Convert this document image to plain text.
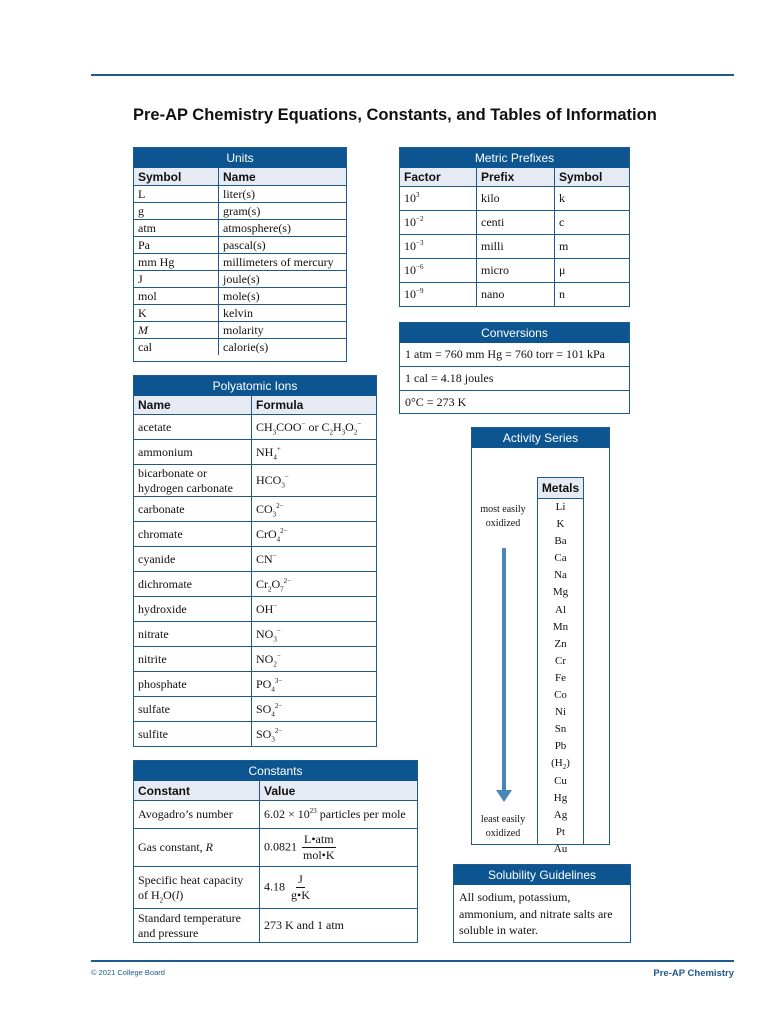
Pre-AP Chemistry Equations, Constants, and Tables of Information
Units
Symbol	Name
L	liter(s)
g	gram(s)
atm	atmosphere(s)
Pa	pascal(s)
mm Hg	millimeters of mercury
J	joule(s)
mol	mole(s)
K	kelvin
M	molarity
cal	calorie(s)
Metric Prefixes
Factor	Prefix	Symbol
$10^3$	kilo	k
$10^{-2}$	centi	c
$10^{-3}$	milli	m
$10^{-6}$	micro	μ
$10^{-9}$	nano	n
Conversions
1 atm = 760 mm Hg = 760 torr = 101 kPa
1 cal = 4.18 joules
0°C = 273 K
Polyatomic Ions
Name	Formula
acetate	$CH_3COO^-$ or $C_2H_3O_2^-$
ammonium	$NH_4^+$
bicarbonate or hydrogen carbonate	$HCO_3^-$
carbonate	$CO_3^{2-}$
chromate	CrO$_4^{2-}$
cyanide	CN−
dichromate	$Cr_2O_7^{2-}$
hydroxide	OH−
nitrate	$NO_3^-$
nitrite	$NO_2^-$
phosphate	$PO_4^{3-}$
sulfate	$SO_4^{2-}$
sulfite	$SO_3^{2-}$
Constants
Constant	Value
Avogadro’s number	$6.02 \times 10^{23}$ particles per mole
Gas constant, R	$0.0821 \frac{\text{L•atm}}{\text{mol•K}}$

Specific heat capacity of $H_2O(l)$	$4.18 \frac{J}{g•K}$

Standard temperature and pressure	273 K and 1 atm
Activity Series
most easily oxidized
least easily oxidized
Metals
Li
K
Ba
Ca
Na
Mg
Al
Mn
Zn
Cr
Fe
Co
Ni
Sn
Pb
$(H_2)$
Cu
Hg
Ag
Pt
Au
Solubility Guidelines
All sodium, potassium, ammonium, and nitrate salts are soluble in water.
© 2021 College Board	Pre-AP Chemistry
